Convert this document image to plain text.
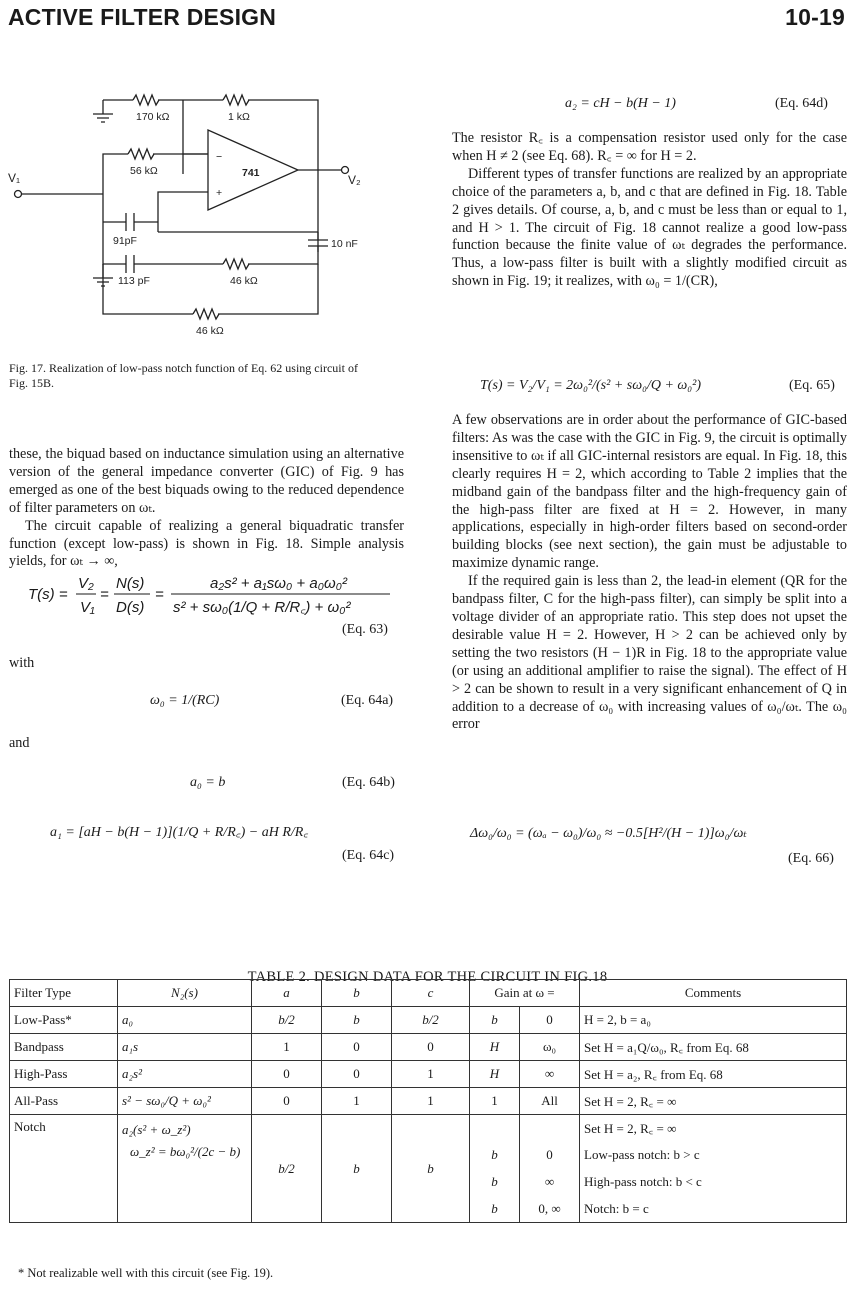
ACTIVE FILTER DESIGN	10-19
170 kΩ	1 kΩ
56 kΩ	741
−
+
V₁	V₂
91pF	10 nF
113 pF	46 kΩ
46 kΩ
Fig. 17. Realization of low-pass notch function of Eq. 62 using circuit of Fig. 15B.

these, the biquad based on inductance simulation using an alternative version of the general impedance converter (GIC) of Fig. 9 has emerged as one of the best biquads owing to the reduced dependence of filter parameters on ωₜ.

The circuit capable of realizing a general biquadratic transfer function (except low-pass) is shown in Fig. 18. Simple analysis yields, for ωₜ → ∞,

T(s) =
V₂
V₁
=
N(s)
D(s)
=
a₂s² + a₁sω₀ + a₀ω₀²
s² + sω₀(1/Q + R/R꜀) + ω₀²
(Eq. 63)
with
ω₀ = 1/(RC)	(Eq. 64a)
and
a₀ = b	(Eq. 64b)
a₁ = [aH − b(H − 1)](1/Q + R/R꜀) − aH R/R꜀
(Eq. 64c)
a₂ = cH − b(H − 1)	(Eq. 64d)

The resistor R꜀ is a compensation resistor used only for the case when H ≠ 2 (see Eq. 68). R꜀ = ∞ for H = 2.

Different types of transfer functions are realized by an appropriate choice of the parameters a, b, and c that are defined in Fig. 18. Table 2 gives details. Of course, a, b, and c must be less than or equal to 1, and H > 1. The circuit of Fig. 18 cannot realize a good low-pass function because the finite value of ωₜ degrades the performance. Thus, a low-pass filter is built with a slightly modified circuit as shown in Fig. 19; it realizes, with ω₀ = 1/(CR),

T(s) = V₂/V₁ = 2ω₀²/(s² + sω₀/Q + ω₀²)	(Eq. 65)

A few observations are in order about the performance of GIC-based filters: As was the case with the GIC in Fig. 9, the circuit is optimally insensitive to ωₜ if all GIC-internal resistors are equal. In Fig. 18, this clearly requires H = 2, which according to Table 2 implies that the midband gain of the bandpass filter and the high-frequency gain of the high-pass filter are fixed at H = 2. However, in many applications, especially in high-order filters based on second-order building blocks (see next section), the gain must be adjustable to maximize dynamic range.

If the required gain is less than 2, the lead-in element (QR for the bandpass filter, C for the high-pass filter), can simply be split into a voltage divider of an appropriate ratio. This step does not upset the desirable value H = 2. However, H > 2 can be achieved only by setting the two resistors (H − 1)R in Fig. 18 to the appropriate value (or using an additional amplifier to raise the signal). The effect of H > 2 can be shown to result in a very significant enhancement of Q in addition to a decrease of ω₀ with increasing values of ω₀/ωₜ. The ω₀ error

Δω₀/ω₀ = (ωₐ − ω₀)/ω₀ ≈ −0.5[H²/(H − 1)]ω₀/ωₜ
(Eq. 66)
TABLE 2. DESIGN DATA FOR THE CIRCUIT IN FIG.18
Filter Type	N₂(s)	a	b	c	Gain at ω =		Comments
Low-Pass*	a₀	b/2	b	b/2	b	0	H = 2, b = a₀
Bandpass	a₁s	1	0	0	H	ω₀	Set H = a₁Q/ω₀, R꜀ from Eq. 68
High-Pass	a₂s²	0	0	1	H	∞	Set H = a₂, R꜀ from Eq. 68
All-Pass	s² − sω₀/Q + ω₀²	0	1	1	1	All	Set H = 2, R꜀ = ∞
Notch	a₂(s² + ω_z²)
ω_z² = bω₀²/(2c − b)	b/2	b	b			Set H = 2, R꜀ = ∞
					b	0	Low-pass notch: b > c
					b	∞	High-pass notch: b < c
					b	0, ∞	Notch: b = c
* Not realizable well with this circuit (see Fig. 19).
